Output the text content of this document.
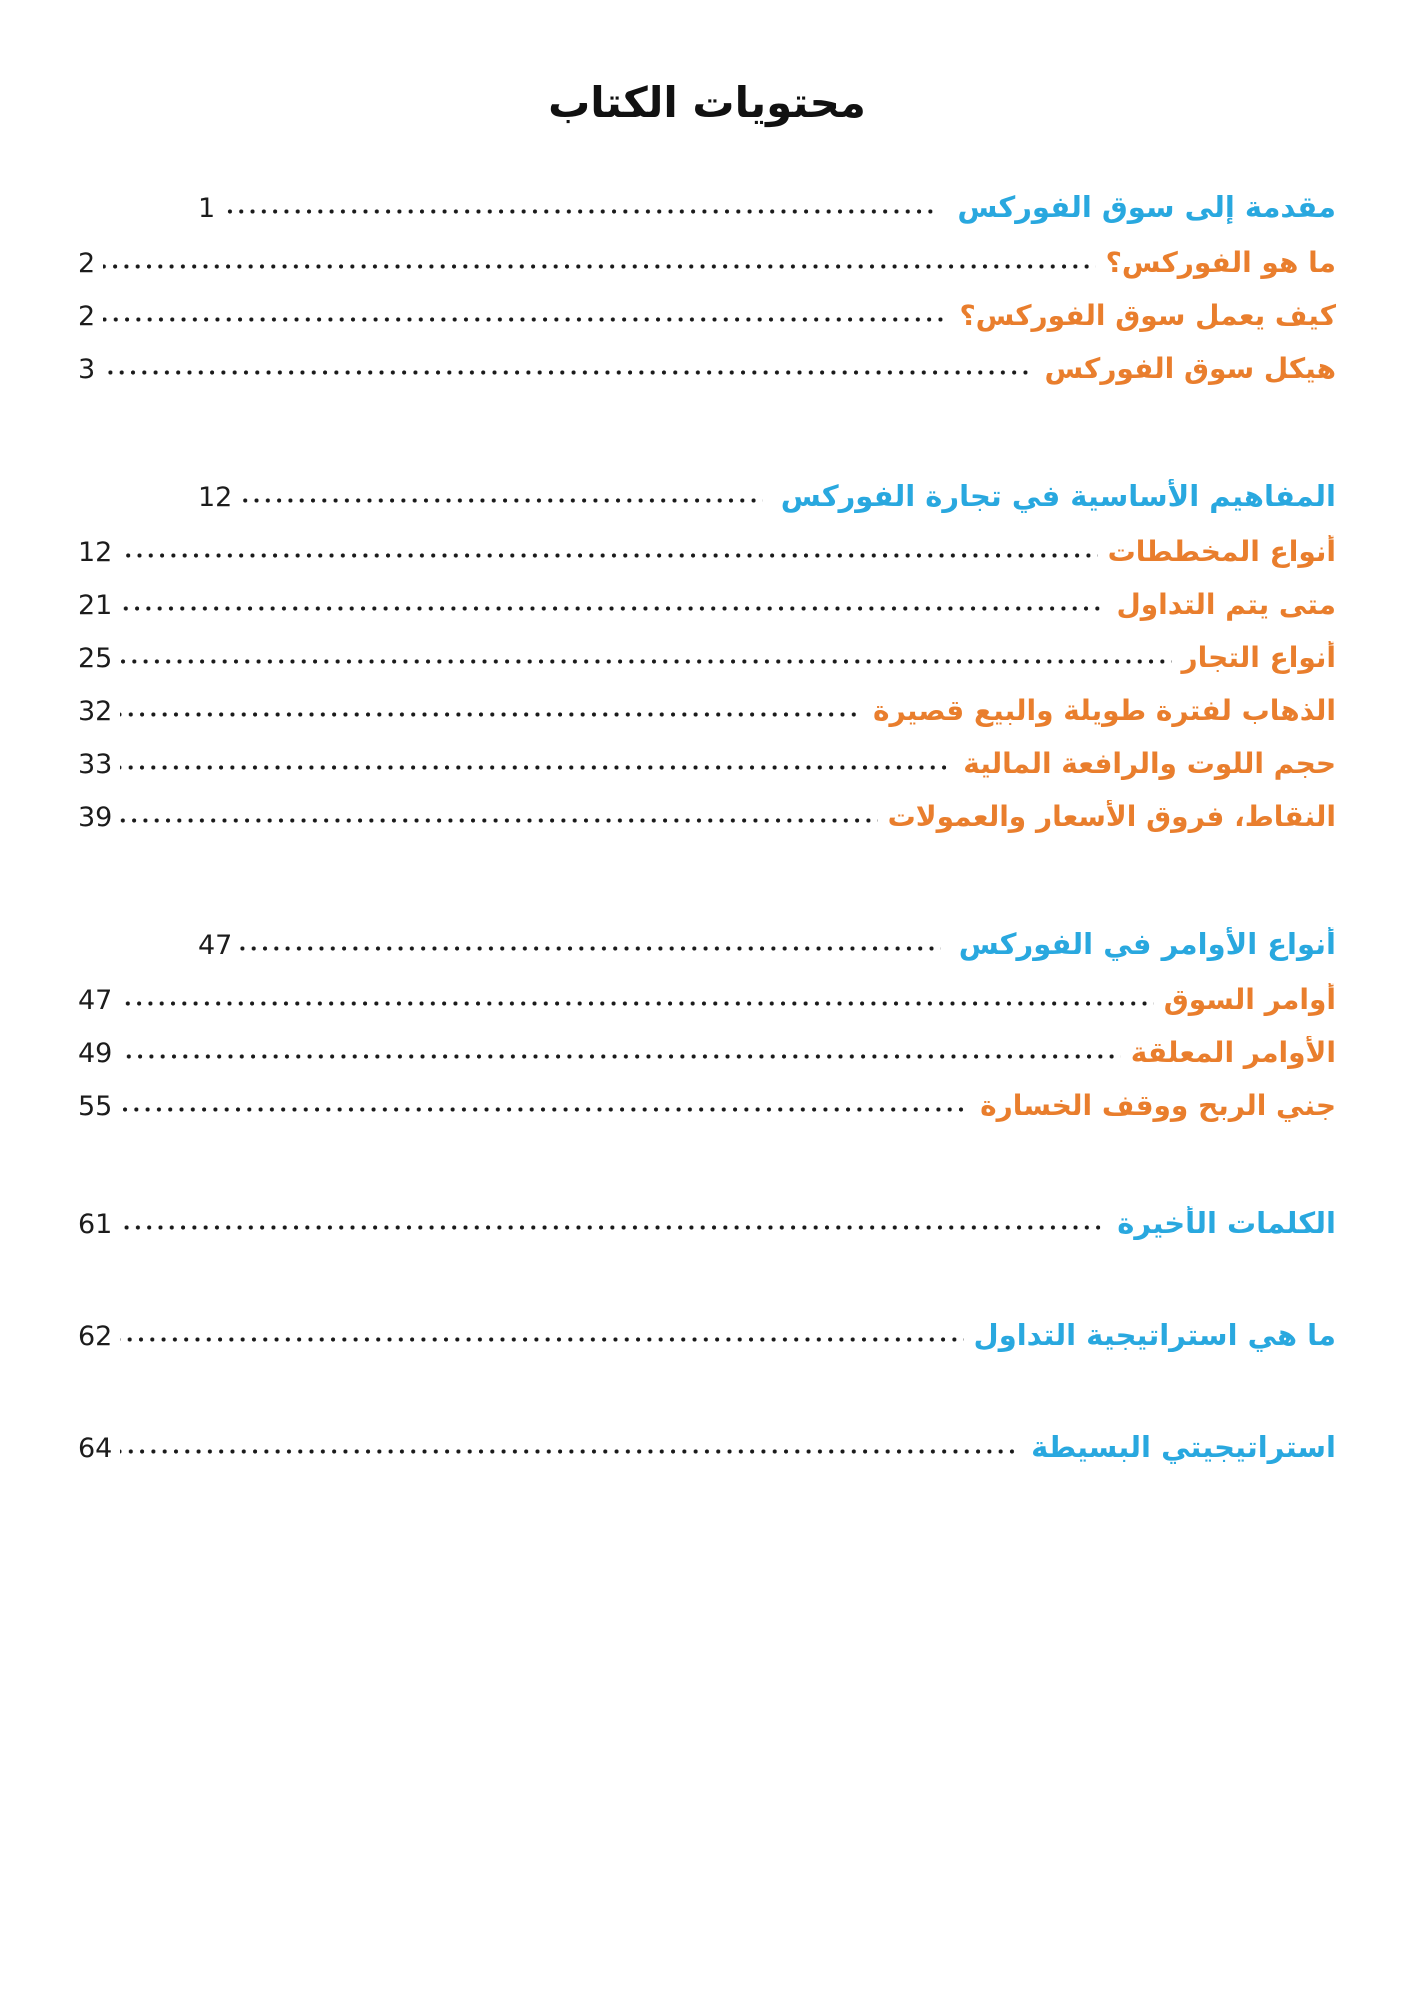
محتويات الكتاب
مقدمة إلى سوق الفوركس
1
ما هو الفوركس؟
2
كيف يعمل سوق الفوركس؟
2
هيكل سوق الفوركس
3
المفاهيم الأساسية في تجارة الفوركس
12
أنواع المخططات
12
متى يتم التداول
21
أنواع التجار
25
الذهاب لفترة طويلة والبيع قصيرة
32
حجم اللوت والرافعة المالية
33
النقاط، فروق الأسعار والعمولات
39
أنواع الأوامر في الفوركس
47
أوامر السوق
47
الأوامر المعلقة
49
جني الربح ووقف الخسارة
55
الكلمات الأخيرة
61
ما هي استراتيجية التداول
62
استراتيجيتي البسيطة
64
